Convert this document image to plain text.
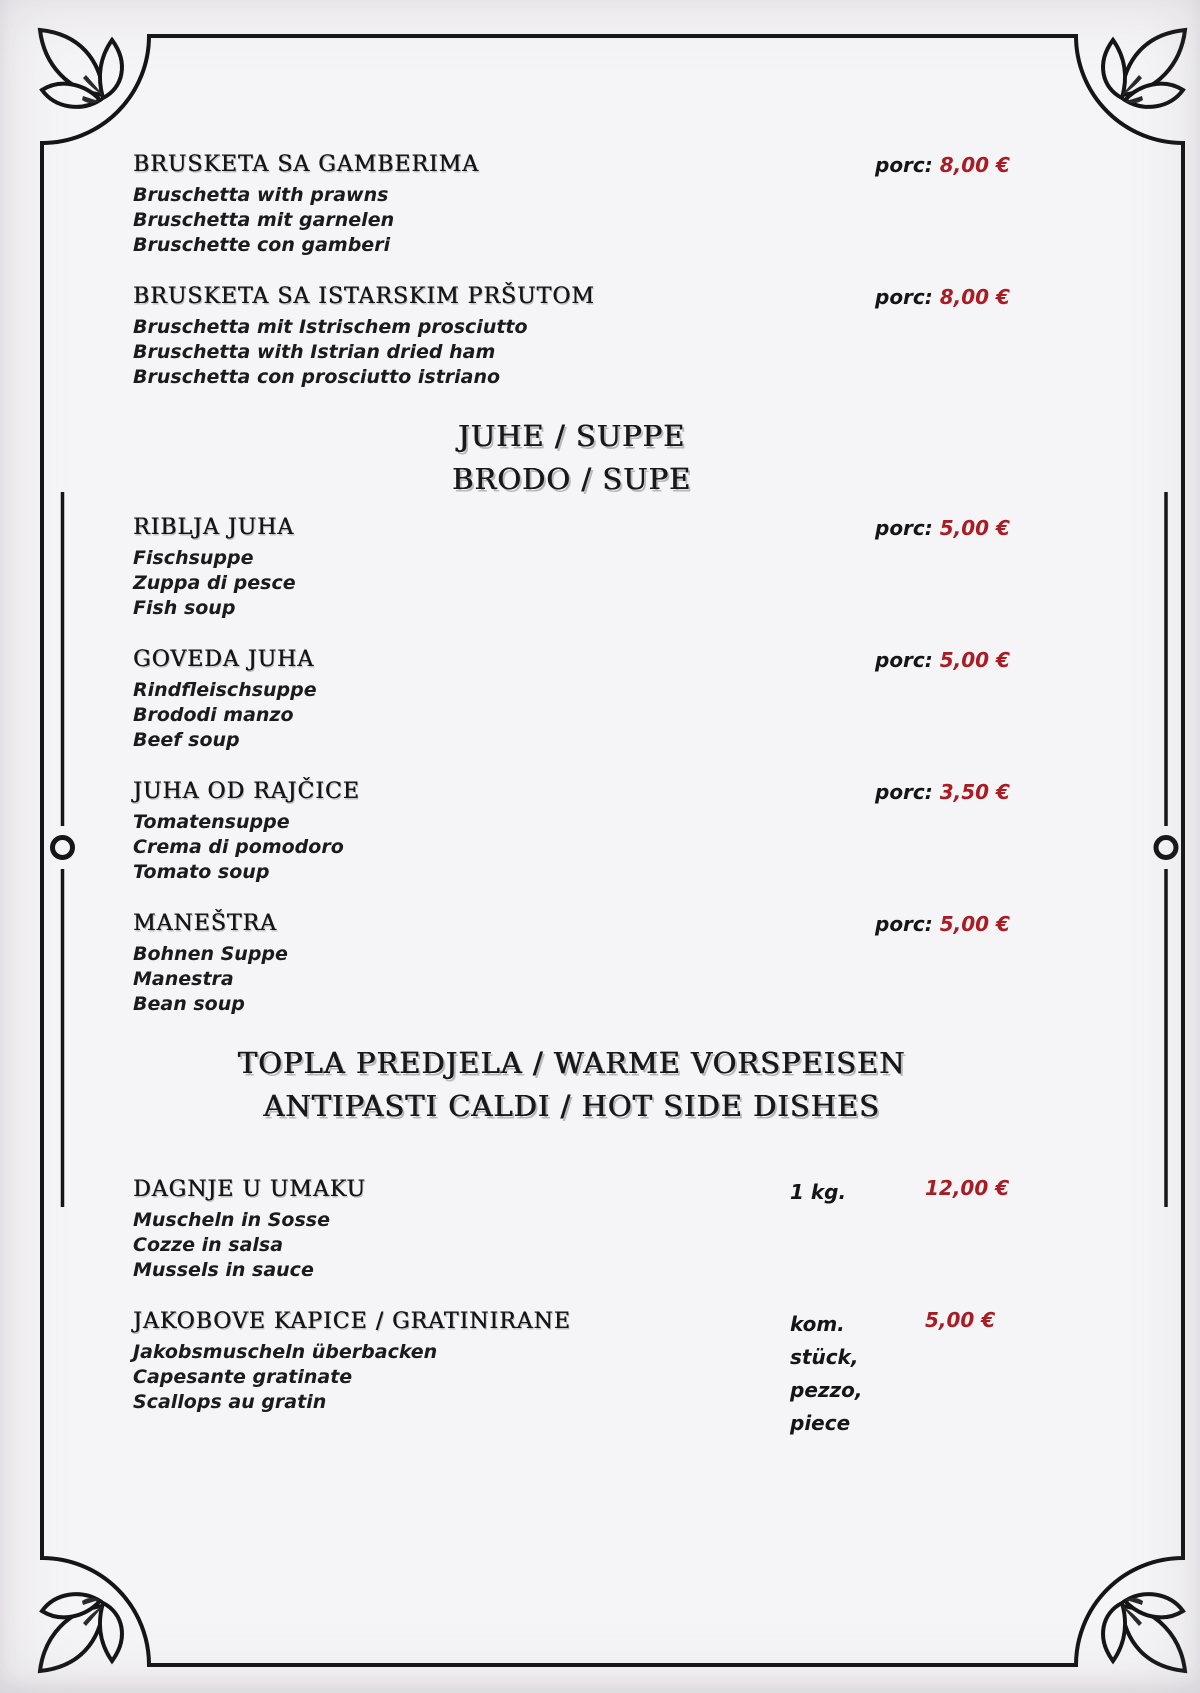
BRUSKETA SA GAMBERIMA
Bruschetta with prawns
Bruschetta mit garnelen
Bruschette con gamberi
porc: 8,00 €
BRUSKETA SA ISTARSKIM PRŠUTOM
Bruschetta mit Istrischem prosciutto
Bruschetta with Istrian dried ham
Bruschetta con prosciutto istriano
porc: 8,00 €
JUHE / SUPPE
BRODO / SUPE
RIBLJA JUHA
Fischsuppe
Zuppa di pesce
Fish soup
porc: 5,00 €
GOVEDA JUHA
Rindfleischsuppe
Brododi manzo
Beef soup
porc: 5,00 €
JUHA OD RAJČICE
Tomatensuppe
Crema di pomodoro
Tomato soup
porc: 3,50 €
MANEŠTRA
Bohnen Suppe
Manestra
Bean soup
porc: 5,00 €
TOPLA PREDJELA / WARME VORSPEISEN
ANTIPASTI CALDI / HOT SIDE DISHES
DAGNJE U UMAKU
Muscheln in Sosse
Cozze in salsa
Mussels in sauce
1 kg.	12,00 €
JAKOBOVE KAPICE / GRATINIRANE
Jakobsmuscheln überbacken
Capesante gratinate
Scallops au gratin
kom.
stück,
pezzo,
piece
5,00 €
